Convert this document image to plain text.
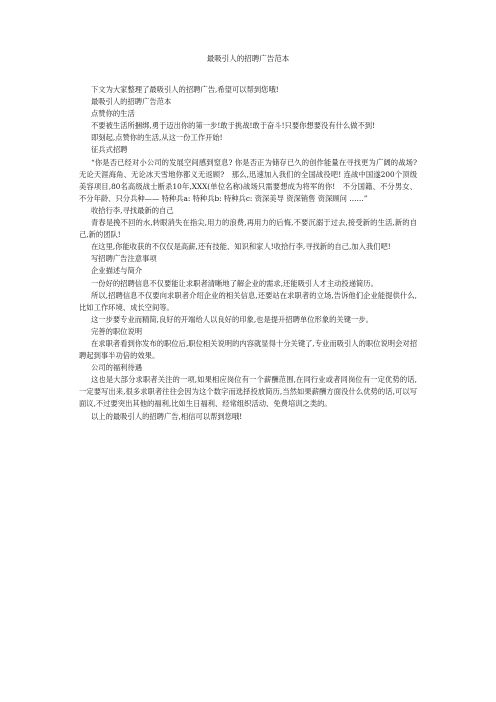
最吸引人的招聘广告范本

下文为大家整理了最吸引人的招聘广告,希望可以帮到您哦!

最吸引人的招聘广告范本

点赞你的生活

不要被生活所捆绑,勇于迈出你的第一步!敢于挑战!敢于奋斗!只要你想要没有什么做不到!

即刻起,点赞你的生活,从这一份工作开始!

征兵式招聘

“你是否已经对小公司的发展空间感到窒息? 你是否正为储存已久的创作能量在寻找更为广阔的战场? 无论天涯海角、无论冰天雪地你都义无返顾?　那么,迅速加入我们的全国战役吧! 连战中国遂200个顶级美容项目,80名高级战士断杀10年,XXX(单位名称)战场只需要想成为将军的你!　不分国籍、不分男女、不分年龄、只分兵种—— 特种兵a: 特种兵b: 特种兵c: 资深美导 资深销售 资深顾问 ……”

收拾行李,寻找最新的自己

青春是挽不回的水,转眼消失在指尖,用力的浪费,再用力的后悔,不要沉溺于过去,接受新的生活,新的自己,新的团队!

在这里,你能收获的不仅仅是高薪,还有技能、知识和家人!收拾行李,寻找新的自己,加入我们吧!

写招聘广告注意事项

企业描述与简介

一份好的招聘信息不仅要能让求职者清晰地了解企业的需求,还能吸引人才主动投递简历。

所以,招聘信息不仅要向求职者介绍企业的相关信息,还要站在求职者的立场,告诉他们企业能提供什么,比如工作环境、成长空间等。

这一步要专业而精简,良好的开端给人以良好的印象,也是提升招聘单位形象的关键一步。

完善的职位说明

在求职者看到你发布的职位后,职位相关说明的内容就显得十分关键了,专业而吸引人的职位说明会对招聘起到事半功倍的效果。

公司的福利待遇

这也是大部分求职者关注的一项,如果相应岗位有一个薪酬范围,在同行业或者同岗位有一定优势的话,一定要写出来,很多求职者往往会因为这个数字而选择投放简历,当然如果薪酬方面没什么优势的话,可以写面议,不过要突出其他的福利,比如生日福利、经常组织活动、免费培训之类的。

以上的最吸引人的招聘广告,相信可以帮到您哦!
